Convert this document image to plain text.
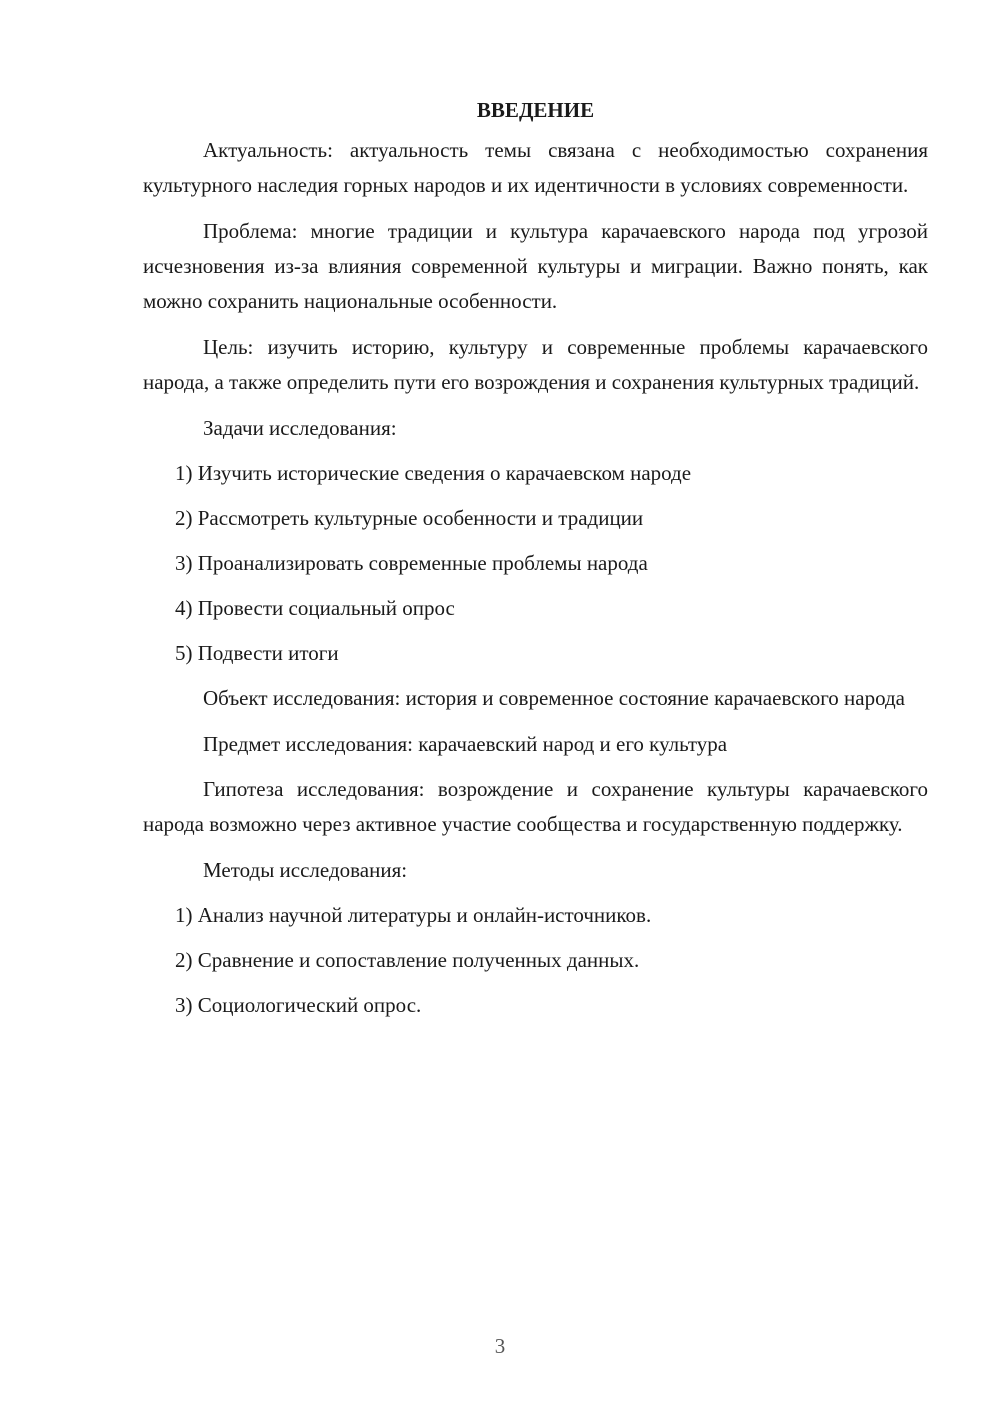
ВВЕДЕНИЕ

Актуальность: актуальность темы связана с необходимостью сохранения культурного наследия горных народов и их идентичности в условиях современности.

Проблема: многие традиции и культура карачаевского народа под угрозой исчезновения из-за влияния современной культуры и миграции. Важно понять, как можно сохранить национальные особенности.

Цель: изучить историю, культуру и современные проблемы карачаевского народа, а также определить пути его возрождения и сохранения культурных традиций.

Задачи исследования:

1) Изучить исторические сведения о карачаевском народе
2) Рассмотреть культурные особенности и традиции
3) Проанализировать современные проблемы народа
4) Провести социальный опрос
5) Подвести итоги

Объект исследования: история и современное состояние карачаевского народа

Предмет исследования: карачаевский народ и его культура

Гипотеза исследования: возрождение и сохранение культуры карачаевского народа возможно через активное участие сообщества и государственную поддержку.

Методы исследования:

1) Анализ научной литературы и онлайн-источников.
2) Сравнение и сопоставление полученных данных.
3) Социологический опрос.
3
